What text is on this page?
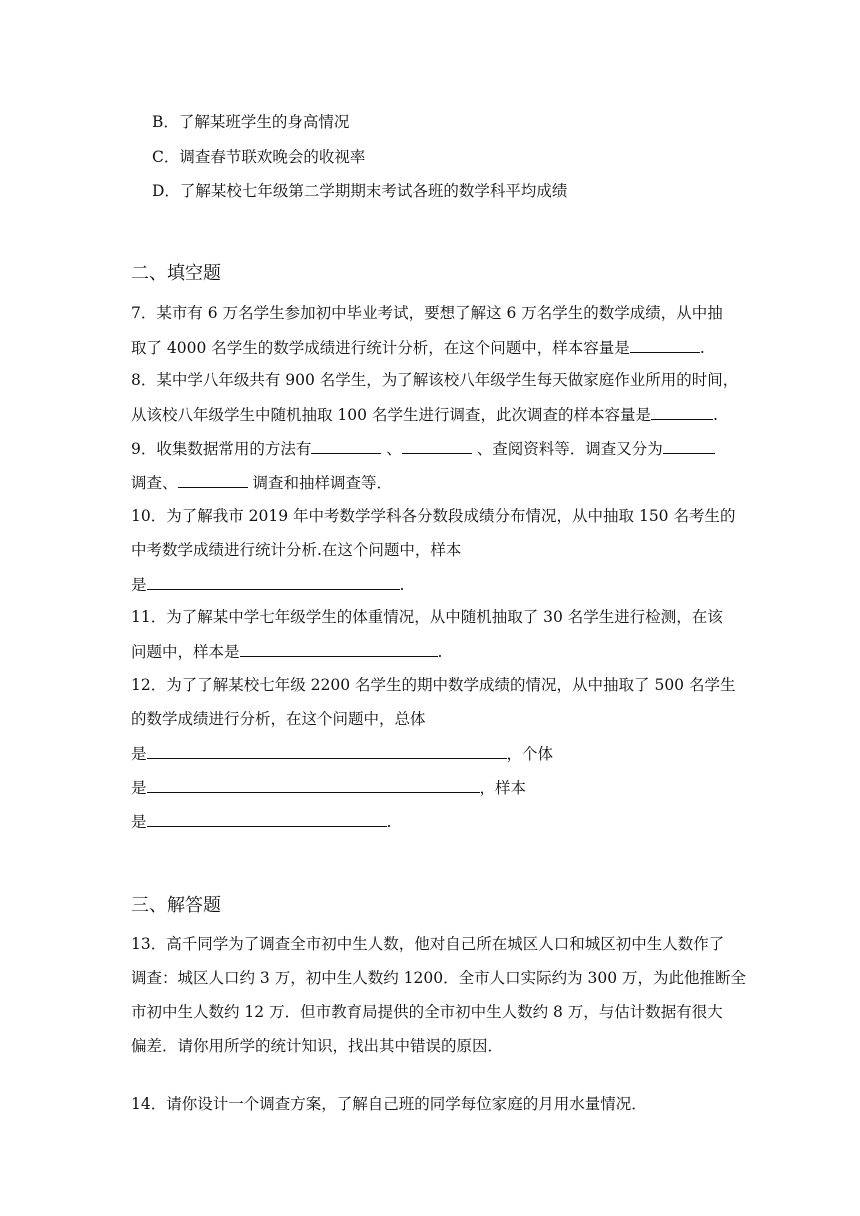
B．了解某班学生的身高情况
C．调查春节联欢晚会的收视率
D．了解某校七年级第二学期期末考试各班的数学科平均成绩
二、填空题
7．某市有 6 万名学生参加初中毕业考试，要想了解这 6 万名学生的数学成绩，从中抽
取了 4000 名学生的数学成绩进行统计分析，在这个问题中，样本容量是	.
8．某中学八年级共有 900 名学生，为了解该校八年级学生每天做家庭作业所用的时间，
从该校八年级学生中随机抽取 100 名学生进行调查，此次调查的样本容量是	.
9．收集数据常用的方法有	、	、查阅资料等．调查又分为
调查、	调查和抽样调查等．
10．为了解我市 2019 年中考数学学科各分数段成绩分布情况，从中抽取 150 名考生的
中考数学成绩进行统计分析.在这个问题中，样本
是	.
11．为了解某中学七年级学生的体重情况，从中随机抽取了 30 名学生进行检测，在该
问题中，样本是	.
12．为了了解某校七年级 2200 名学生的期中数学成绩的情况，从中抽取了 500 名学生
的数学成绩进行分析，在这个问题中，总体
是	，个体
是	，样本
是	.
三、解答题
13．高千同学为了调查全市初中生人数，他对自己所在城区人口和城区初中生人数作了
调查：城区人口约 3 万，初中生人数约 1200．全市人口实际约为 300 万，为此他推断全
市初中生人数约 12 万．但市教育局提供的全市初中生人数约 8 万，与估计数据有很大
偏差．请你用所学的统计知识，找出其中错误的原因．
14．请你设计一个调查方案，了解自己班的同学每位家庭的月用水量情况．
